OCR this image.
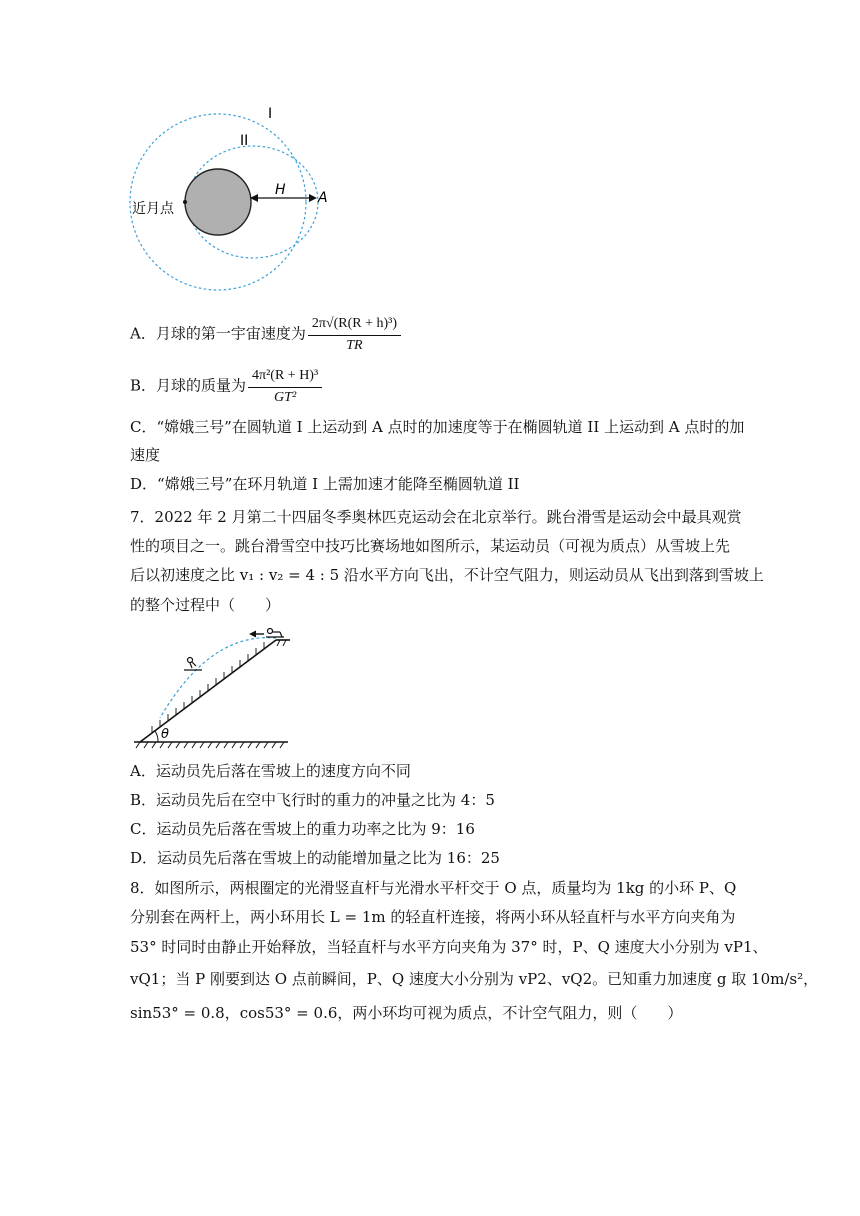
I
II
H A
近月点
A．月球的第一宇宙速度为 $\frac{\text{2π√(R(R + h)³)}}{TR}$
B．月球的质量为 $\frac{\text{4π²(R + H)³}}{\text{GT²}}$
C．“嫦娥三号”在圆轨道 I 上运动到 A 点时的加速度等于在椭圆轨道 II 上运动到 A 点时的加
速度
D．“嫦娥三号”在环月轨道 I 上需加速才能降至椭圆轨道 II
7．2022 年 2 月第二十四届冬季奥林匹克运动会在北京举行。跳台滑雪是运动会中最具观赏
性的项目之一。跳台滑雪空中技巧比赛场地如图所示，某运动员（可视为质点）从雪坡上先
后以初速度之比 v₁ : v₂ = 4 : 5 沿水平方向飞出，不计空气阻力，则运动员从飞出到落到雪坡上
的整个过程中（　　）
θ
A．运动员先后落在雪坡上的速度方向不同
B．运动员先后在空中飞行时的重力的冲量之比为 4：5
C．运动员先后落在雪坡上的重力功率之比为 9：16
D．运动员先后落在雪坡上的动能增加量之比为 16：25
8．如图所示，两根圈定的光滑竖直杆与光滑水平杆交于 O 点，质量均为 1kg 的小环 P、Q
分别套在两杆上，两小环用长 L = 1m 的轻直杆连接，将两小环从轻直杆与水平方向夹角为
53° 时同时由静止开始释放，当轻直杆与水平方向夹角为 37° 时，P、Q 速度大小分别为 vP1、
vQ1；当 P 刚要到达 O 点前瞬间，P、Q 速度大小分别为 vP2、vQ2。已知重力加速度 g 取 10m/s²，
sin53° = 0.8，cos53° = 0.6，两小环均可视为质点，不计空气阻力，则（　　）
